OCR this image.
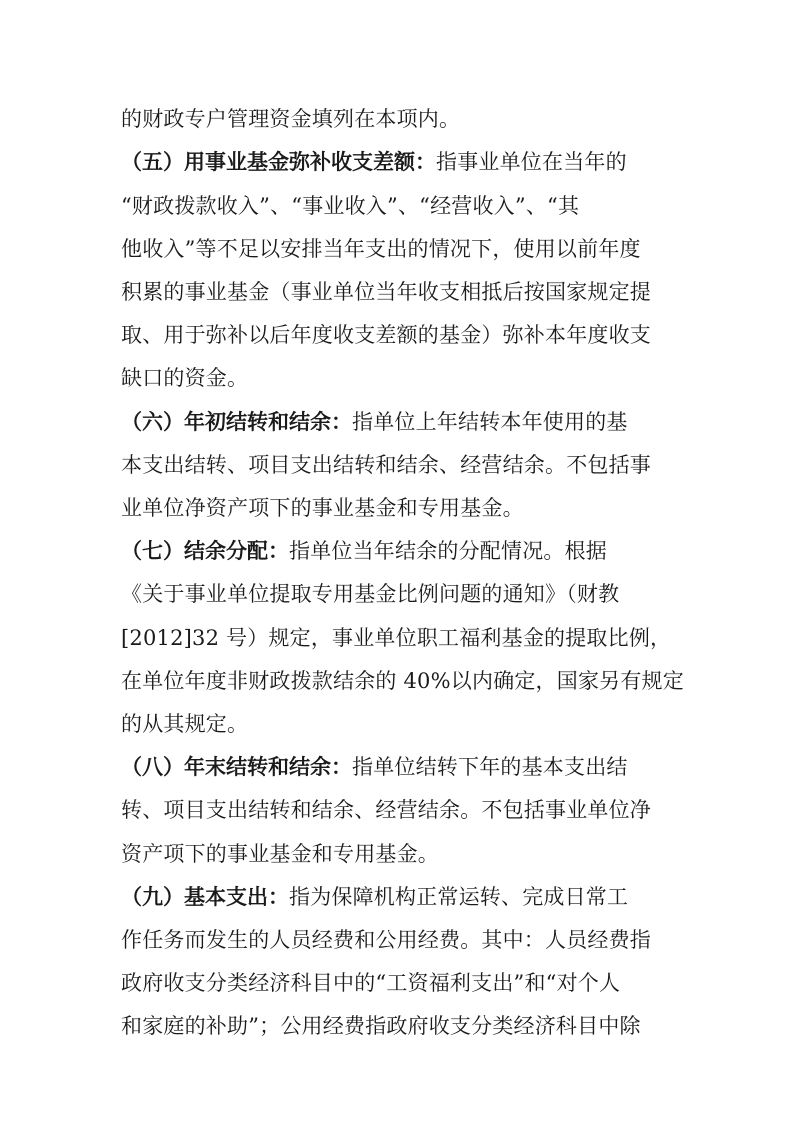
的财政专户管理资金填列在本项内。
（五）用事业基金弥补收支差额：指事业单位在当年的
“财政拨款收入”、“事业收入”、“经营收入”、“其
他收入”等不足以安排当年支出的情况下，使用以前年度
积累的事业基金（事业单位当年收支相抵后按国家规定提
取、用于弥补以后年度收支差额的基金）弥补本年度收支
缺口的资金。
（六）年初结转和结余：指单位上年结转本年使用的基
本支出结转、项目支出结转和结余、经营结余。不包括事
业单位净资产项下的事业基金和专用基金。
（七）结余分配：指单位当年结余的分配情况。根据
《关于事业单位提取专用基金比例问题的通知》（财教
[2012]32 号）规定，事业单位职工福利基金的提取比例，
在单位年度非财政拨款结余的 40%以内确定，国家另有规定
的从其规定。
（八）年末结转和结余：指单位结转下年的基本支出结
转、项目支出结转和结余、经营结余。不包括事业单位净
资产项下的事业基金和专用基金。
（九）基本支出：指为保障机构正常运转、完成日常工
作任务而发生的人员经费和公用经费。其中：人员经费指
政府收支分类经济科目中的“工资福利支出”和“对个人
和家庭的补助”；公用经费指政府收支分类经济科目中除
